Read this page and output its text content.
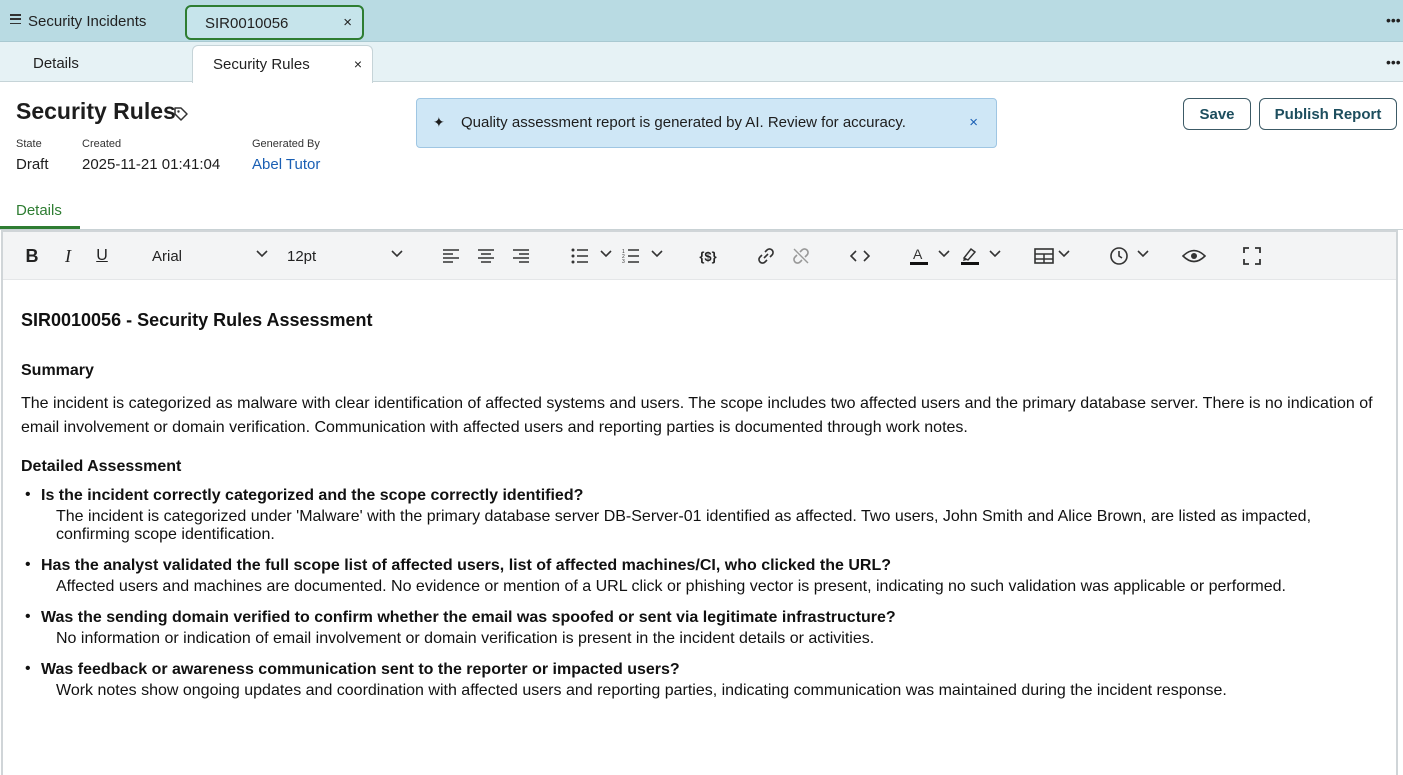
Security Incidents	SIR0010056	×	•••
Details	Security Rules	×	•••
Security Rules
State
Draft
Created
2025-11-21 01:41:04
Generated By
Abel Tutor
✦ Quality assessment report is generated by AI. Review for accuracy.	×	Save	Publish Report
Details
B	I	U	Arial	12pt	1
2
3	{$}	A
SIR0010056 - Security Rules Assessment
Summary
The incident is categorized as malware with clear identification of affected systems and users. The scope includes two affected users and the primary database server. There is no indication of email involvement or domain verification. Communication with affected users and reporting parties is documented through work notes.
Detailed Assessment
• Is the incident correctly categorized and the scope correctly identified?
The incident is categorized under 'Malware' with the primary database server DB-Server-01 identified as affected. Two users, John Smith and Alice Brown, are listed as impacted, confirming scope identification.
• Has the analyst validated the full scope list of affected users, list of affected machines/CI, who clicked the URL?
Affected users and machines are documented. No evidence or mention of a URL click or phishing vector is present, indicating no such validation was applicable or performed.
• Was the sending domain verified to confirm whether the email was spoofed or sent via legitimate infrastructure?
No information or indication of email involvement or domain verification is present in the incident details or activities.
• Was feedback or awareness communication sent to the reporter or impacted users?
Work notes show ongoing updates and coordination with affected users and reporting parties, indicating communication was maintained during the incident response.
